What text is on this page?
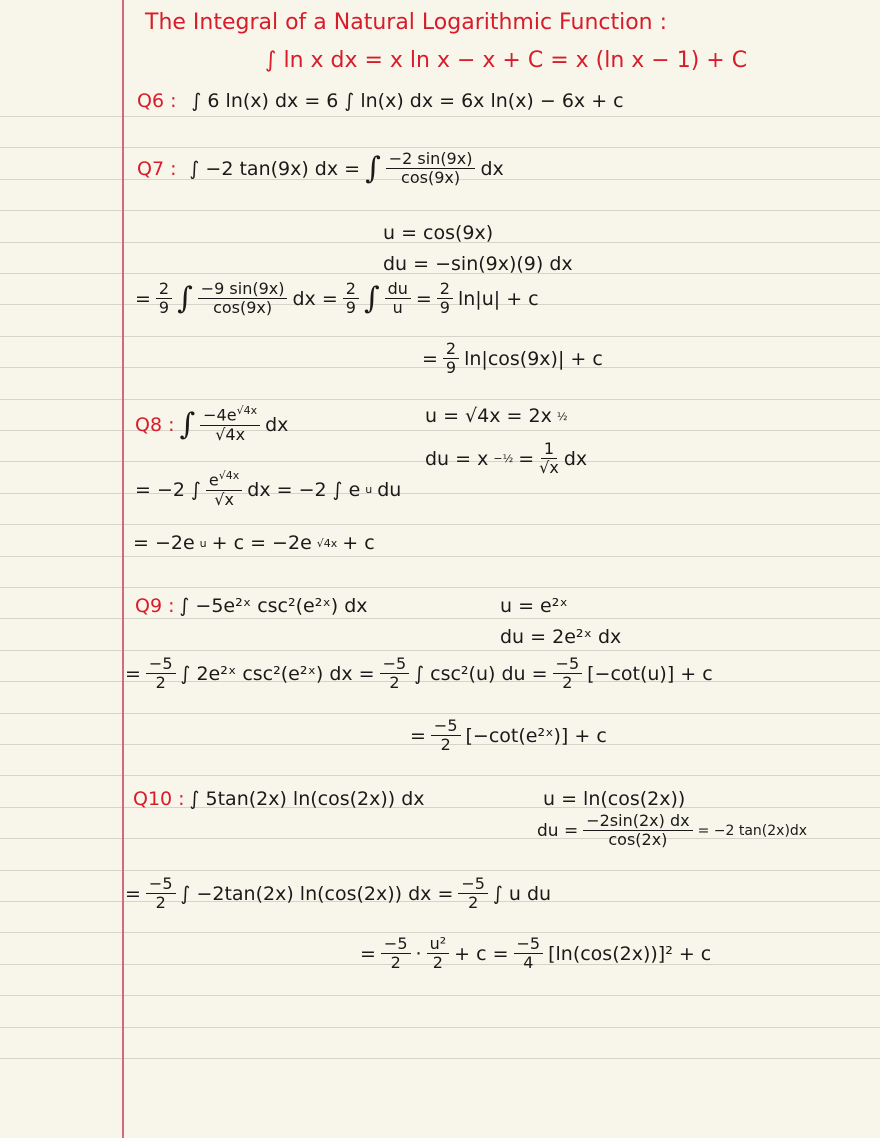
The Integral of a Natural Logarithmic Function :
∫ ln x dx = x ln x − x + C = x (ln x − 1) + C
Q6 : ∫ 6 ln(x) dx = 6 ∫ ln(x) dx = 6x ln(x) − 6x + c
Q7 : ∫ −2 tan(9x) dx = ∫ $\frac{-2 \sin(9x)}{\cos(9x)}$ dx
u = cos(9x)
du = −sin(9x)(9) dx
= $\frac{2}{9}$ ∫ $\frac{-9 \sin(9x)}{\cos(9x)}$ dx = $\frac{2}{9}$ ∫ $\frac{du}{u} = \frac{2}{9} \ln|u| + c$
= $\frac{2}{9} \ln|\cos(9x)| + c$
Q8 : ∫ $\frac{-4e^{√4x}}{√4x}$ dx	u = √4x = 2x ½
du = x −½ = $\frac{1}{√x}$ dx
= −2 ∫ $\frac{e^{√4x}}{√x}$ dx = −2 ∫ e u du
= −2e u + c = −2e √4x + c
Q9 : ∫ −5e²ˣ csc²(e²ˣ) dx	u = e²ˣ
du = 2e²ˣ dx
= $\frac{-5}{2}$ ∫ 2e²ˣ csc²(e²ˣ) dx = $\frac{-5}{2}$ ∫ csc²(u) du = $\frac{-5}{2} [-\cot(u)] + c$
= $\frac{-5}{2}$ [−cot(e²ˣ)] + c
Q10 : ∫ 5tan(2x) ln(cos(2x)) dx	u = ln(cos(2x))
du = $\frac{-2\sin(2x) dx}{\cos(2x)} = -2$ tan(2x)dx
= $\frac{-5}{2}$ ∫ −2tan(2x) ln(cos(2x)) dx = $\frac{-5}{2}$ ∫ u du
= $\frac{-5}{2} \cdot \frac{\text{u²}}{2} + c = \frac{-5}{4} [\ln(\cos(2x))]^2 + c$
